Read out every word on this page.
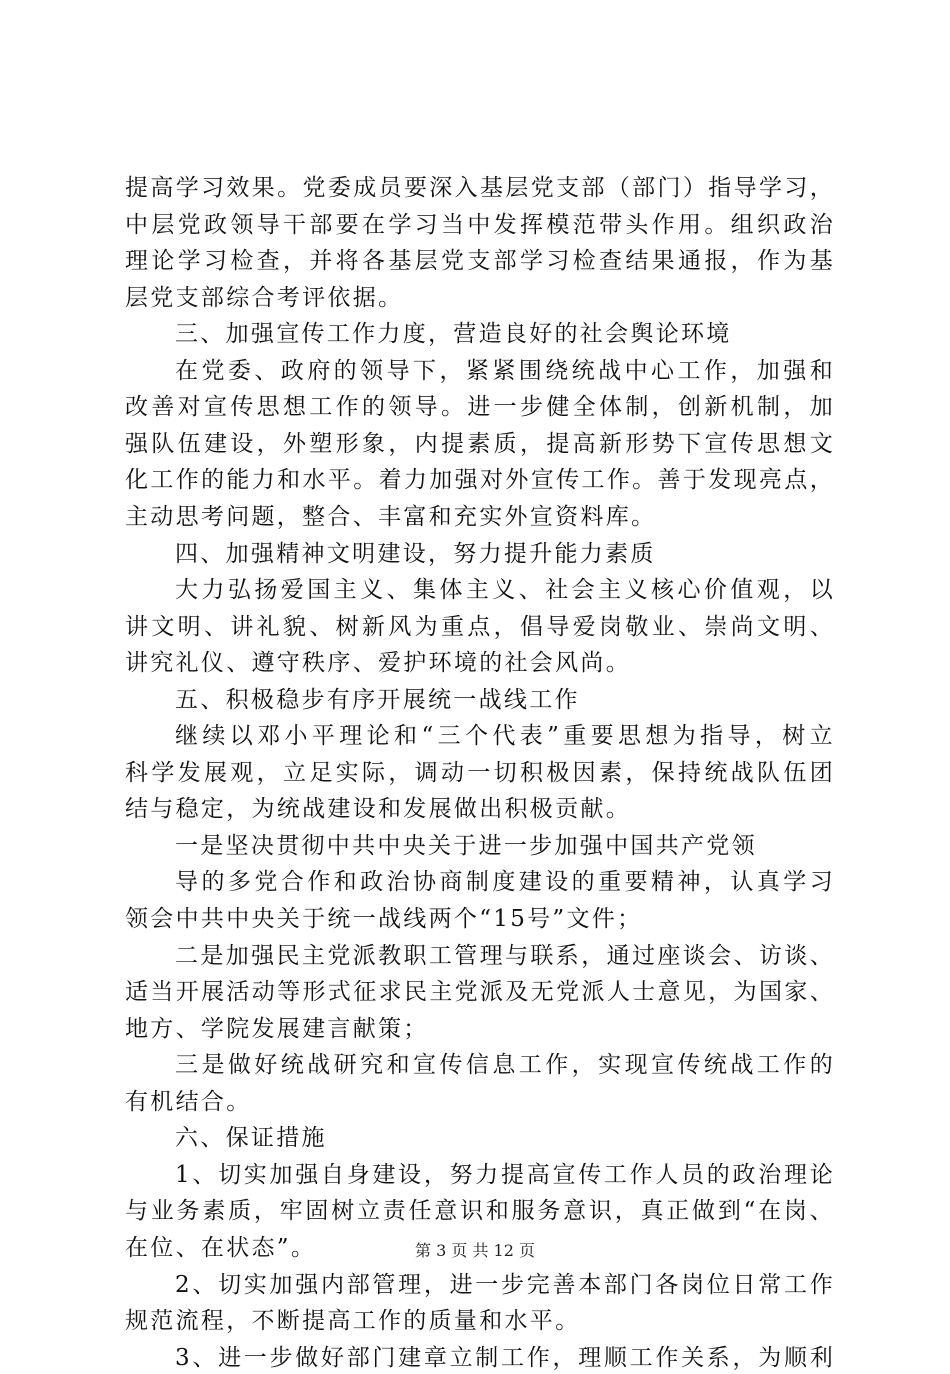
提高学习效果。党委成员要深入基层党支部（部门）指导学习，
中层党政领导干部要在学习当中发挥模范带头作用。组织政治
理论学习检查，并将各基层党支部学习检查结果通报，作为基
层党支部综合考评依据。
三、加强宣传工作力度，营造良好的社会舆论环境
在党委、政府的领导下，紧紧围绕统战中心工作，加强和
改善对宣传思想工作的领导。进一步健全体制，创新机制，加
强队伍建设，外塑形象，内提素质，提高新形势下宣传思想文
化工作的能力和水平。着力加强对外宣传工作。善于发现亮点，
主动思考问题，整合、丰富和充实外宣资料库。
四、加强精神文明建设，努力提升能力素质
大力弘扬爱国主义、集体主义、社会主义核心价值观，以
讲文明、讲礼貌、树新风为重点，倡导爱岗敬业、崇尚文明、
讲究礼仪、遵守秩序、爱护环境的社会风尚。
五、积极稳步有序开展统一战线工作
继续以邓小平理论和“三个代表”重要思想为指导，树立
科学发展观，立足实际，调动一切积极因素，保持统战队伍团
结与稳定，为统战建设和发展做出积极贡献。
一是坚决贯彻中共中央关于进一步加强中国共产党领
导的多党合作和政治协商制度建设的重要精神，认真学习
领会中共中央关于统一战线两个“15号”文件；
二是加强民主党派教职工管理与联系，通过座谈会、访谈、
适当开展活动等形式征求民主党派及无党派人士意见，为国家、
地方、学院发展建言献策；
三是做好统战研究和宣传信息工作，实现宣传统战工作的
有机结合。
六、保证措施
1、切实加强自身建设，努力提高宣传工作人员的政治理论
与业务素质，牢固树立责任意识和服务意识，真正做到“在岗、
在位、在状态”。
2、切实加强内部管理，进一步完善本部门各岗位日常工作
规范流程，不断提高工作的质量和水平。
3、进一步做好部门建章立制工作，理顺工作关系，为顺利
第 3 页 共 12 页
